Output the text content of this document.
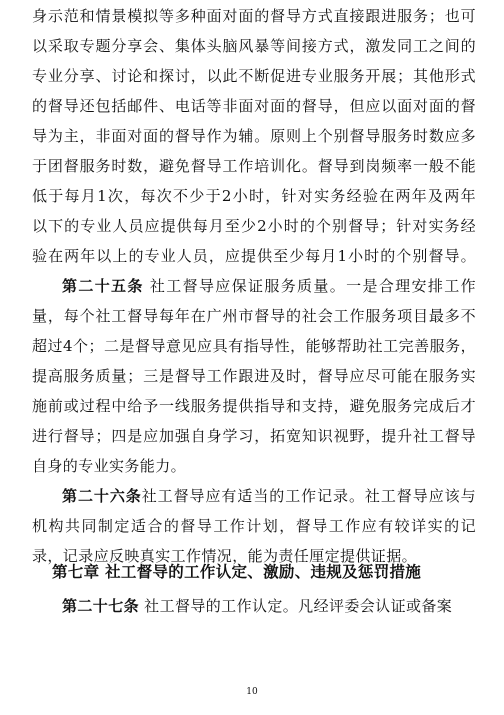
身示范和情景模拟等多种面对面的督导方式直接跟进服务；也可
以采取专题分享会、集体头脑风暴等间接方式，激发同工之间的
专业分享、讨论和探讨，以此不断促进专业服务开展；其他形式
的督导还包括邮件、电话等非面对面的督导，但应以面对面的督
导为主，非面对面的督导作为辅。原则上个别督导服务时数应多
于团督服务时数，避免督导工作培训化。督导到岗频率一般不能
低于每月1次，每次不少于2小时，针对实务经验在两年及两年
以下的专业人员应提供每月至少2小时的个别督导；针对实务经
验在两年以上的专业人员，应提供至少每月1小时的个别督导。
第二十五条 社工督导应保证服务质量。一是合理安排工作
量，每个社工督导每年在广州市督导的社会工作服务项目最多不
超过4个；二是督导意见应具有指导性，能够帮助社工完善服务，
提高服务质量；三是督导工作跟进及时，督导应尽可能在服务实
施前或过程中给予一线服务提供指导和支持，避免服务完成后才
进行督导；四是应加强自身学习，拓宽知识视野，提升社工督导
自身的专业实务能力。
第二十六条社工督导应有适当的工作记录。社工督导应该与
机构共同制定适合的督导工作计划，督导工作应有较详实的记
录，记录应反映真实工作情况，能为责任厘定提供证据。
第七章 社工督导的工作认定、激励、违规及惩罚措施
第二十七条 社工督导的工作认定。凡经评委会认证或备案
10
